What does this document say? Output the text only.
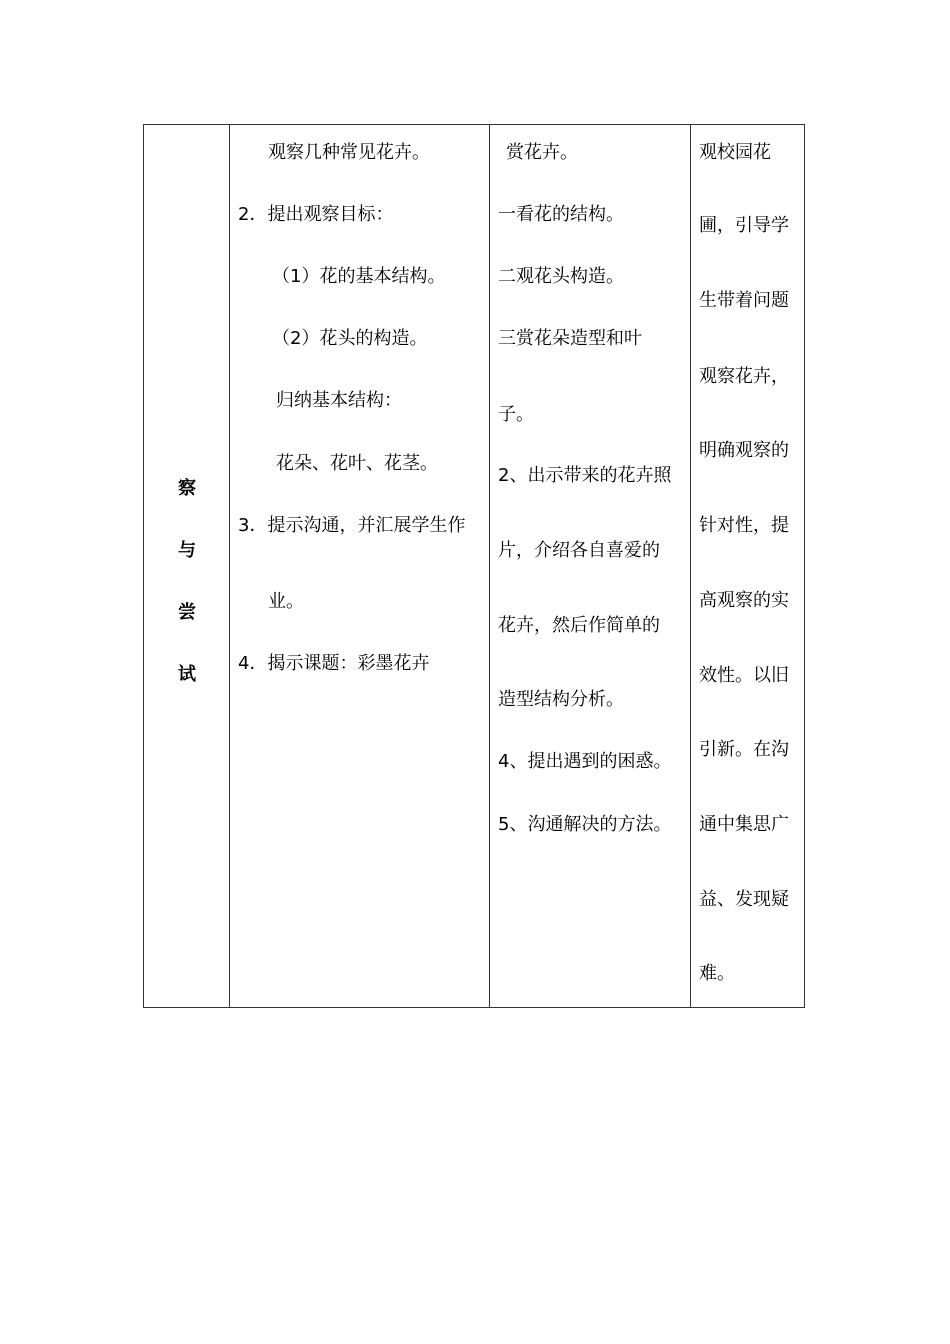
察
与
尝
试
观察几种常见花卉。
2．提出观察目标：
（1）花的基本结构。
（2）花头的构造。
归纳基本结构：
花朵、花叶、花茎。
3．提示沟通，并汇展学生作
业。
4．揭示课题：彩墨花卉
赏花卉。
一看花的结构。
二观花头构造。
三赏花朵造型和叶
子。
2、出示带来的花卉照
片，介绍各自喜爱的
花卉，然后作简单的
造型结构分析。
4、提出遇到的困惑。
5、沟通解决的方法。
观校园花
圃，引导学
生带着问题
观察花卉，
明确观察的
针对性，提
高观察的实
效性。以旧
引新。在沟
通中集思广
益、发现疑
难。
